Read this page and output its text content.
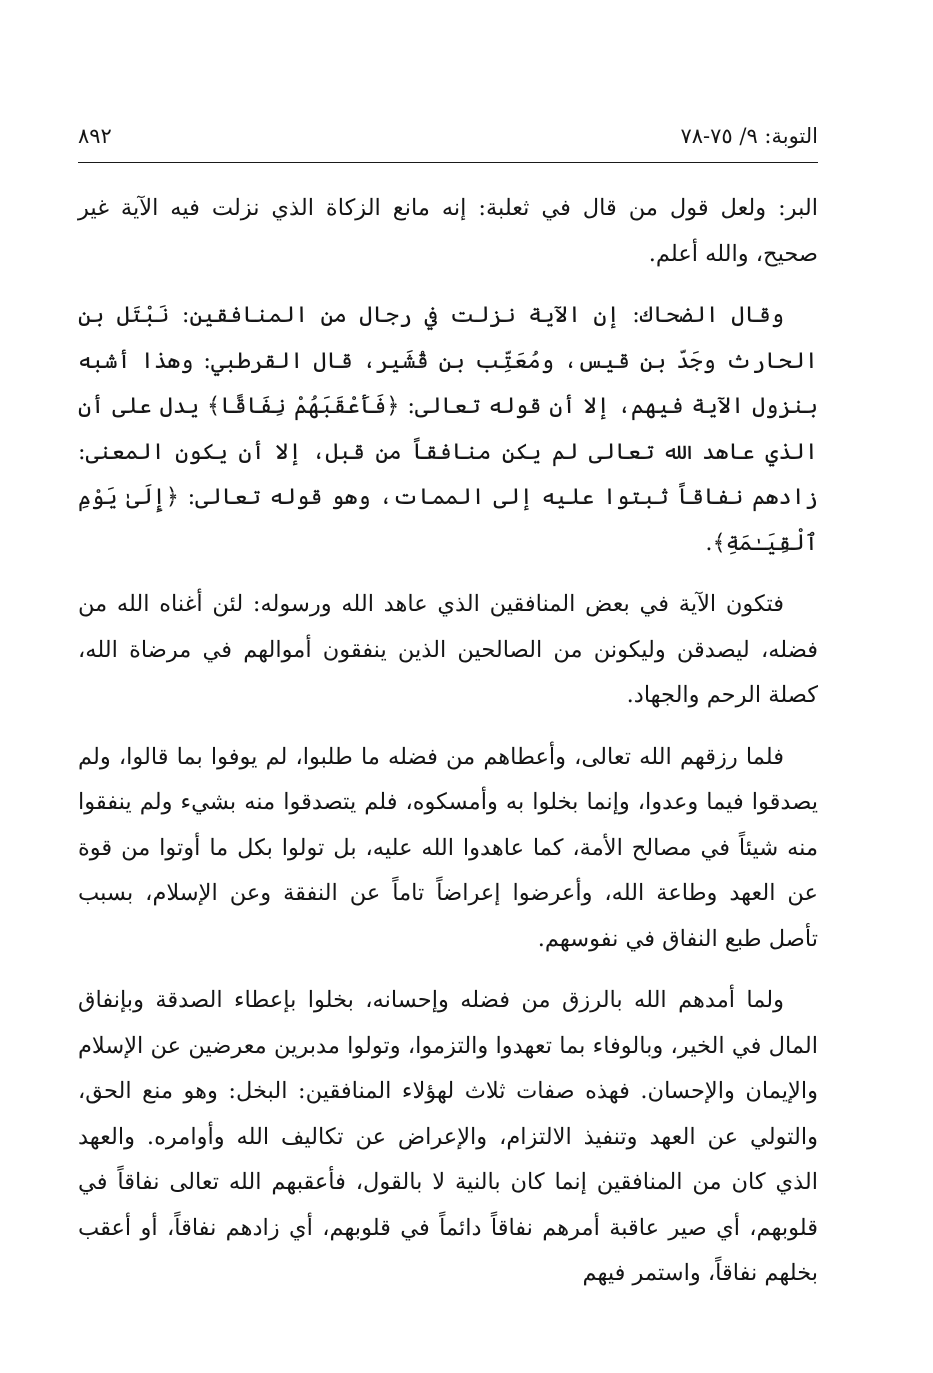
التوبة: ٩/ ٧٥-٧٨
٨٩٢

البر: ولعل قول من قال في ثعلبة: إنه مانع الزكاة الذي نزلت فيه الآية غير صحيح، والله أعلم.

وقال الضحاك: إن الآية نزلت في رجال من المنافقين: نَبْتَل بن الحارث وجَدّ بن قيس، ومُعَتِّب بن قُشَير، قال القرطبي: وهذا أشبه بنزول الآية فيهم، إلا أن قوله تعالى: ﴿فَأَعْقَبَهُمْ نِفَاقًا﴾ يدل على أن الذي عاهد الله تعالى لم يكن منافقاً من قبل، إلا أن يكون المعنى: زادهم نفاقاً ثبتوا عليه إلى الممات، وهو قوله تعالى: ﴿إِلَىٰ يَوْمِ ٱلْقِيَـٰمَةِ﴾.

فتكون الآية في بعض المنافقين الذي عاهد الله ورسوله: لئن أغناه الله من فضله، ليصدقن وليكونن من الصالحين الذين ينفقون أموالهم في مرضاة الله، كصلة الرحم والجهاد.

فلما رزقهم الله تعالى، وأعطاهم من فضله ما طلبوا، لم يوفوا بما قالوا، ولم يصدقوا فيما وعدوا، وإنما بخلوا به وأمسكوه، فلم يتصدقوا منه بشيء ولم ينفقوا منه شيئاً في مصالح الأمة، كما عاهدوا الله عليه، بل تولوا بكل ما أوتوا من قوة عن العهد وطاعة الله، وأعرضوا إعراضاً تاماً عن النفقة وعن الإسلام، بسبب تأصل طبع النفاق في نفوسهم.

ولما أمدهم الله بالرزق من فضله وإحسانه، بخلوا بإعطاء الصدقة وبإنفاق المال في الخير، وبالوفاء بما تعهدوا والتزموا، وتولوا مدبرين معرضين عن الإسلام والإيمان والإحسان. فهذه صفات ثلاث لهؤلاء المنافقين: البخل: وهو منع الحق، والتولي عن العهد وتنفيذ الالتزام، والإعراض عن تكاليف الله وأوامره. والعهد الذي كان من المنافقين إنما كان بالنية لا بالقول، فأعقبهم الله تعالى نفاقاً في قلوبهم، أي صير عاقبة أمرهم نفاقاً دائماً في قلوبهم، أي زادهم نفاقاً، أو أعقب بخلهم نفاقاً، واستمر فيهم
